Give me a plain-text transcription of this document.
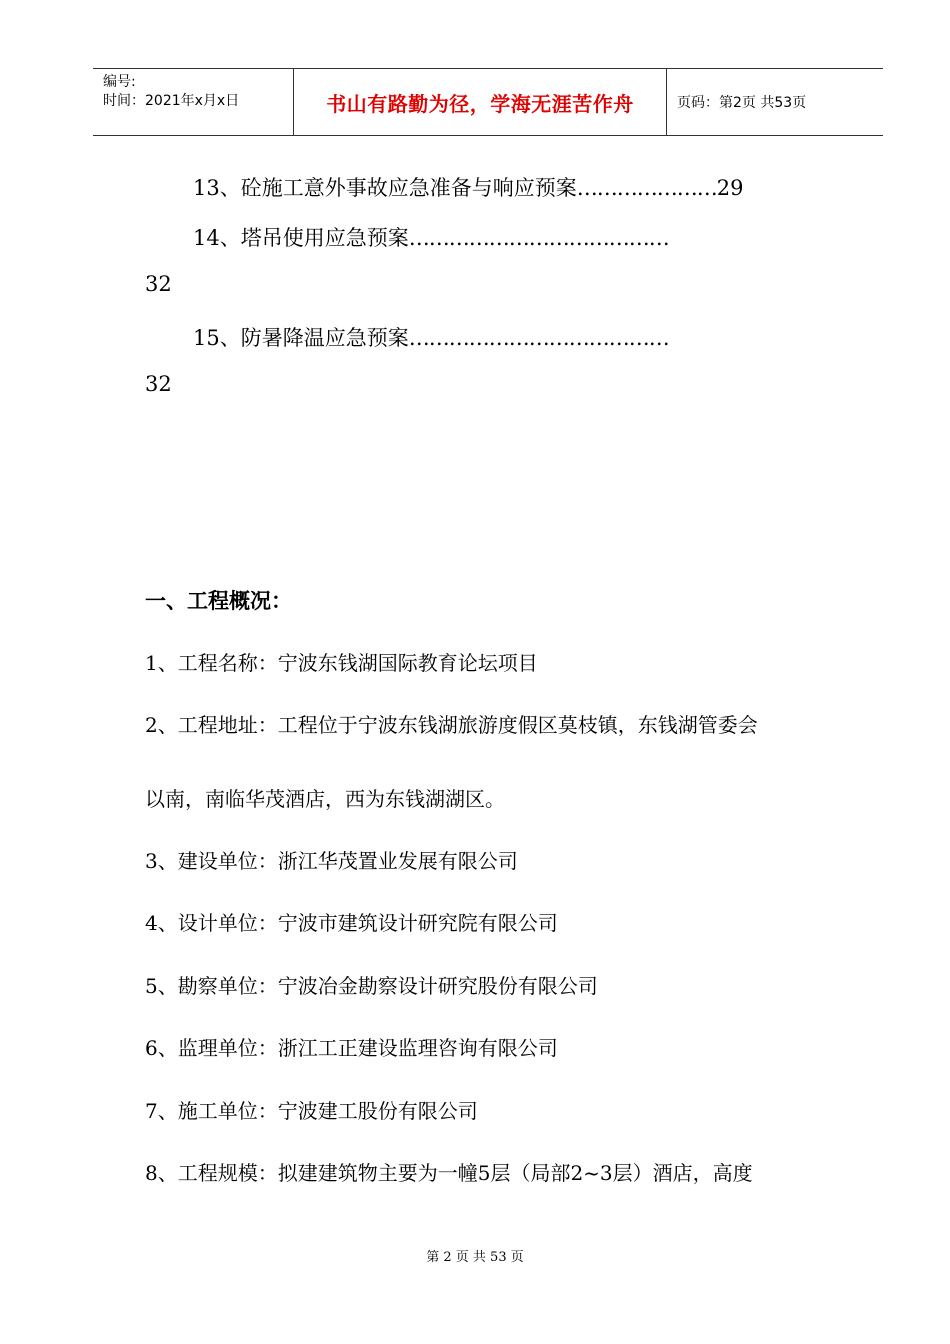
编号:
时间：2021年x月x日	书山有路勤为径，学海无涯苦作舟	页码：第2页 共53页
13、砼施工意外事故应急准备与响应预案…………………29
14、塔吊使用应急预案…………………………………
32
15、防暑降温应急预案…………………………………
32
一、工程概况：
1、工程名称：宁波东钱湖国际教育论坛项目
2、工程地址：工程位于宁波东钱湖旅游度假区莫枝镇，东钱湖管委会
以南，南临华茂酒店，西为东钱湖湖区。
3、建设单位：浙江华茂置业发展有限公司
4、设计单位：宁波市建筑设计研究院有限公司
5、勘察单位：宁波冶金勘察设计研究股份有限公司
6、监理单位：浙江工正建设监理咨询有限公司
7、施工单位：宁波建工股份有限公司
8、工程规模：拟建建筑物主要为一幢5层（局部2~3层）酒店，高度
第 2 页 共 53 页
